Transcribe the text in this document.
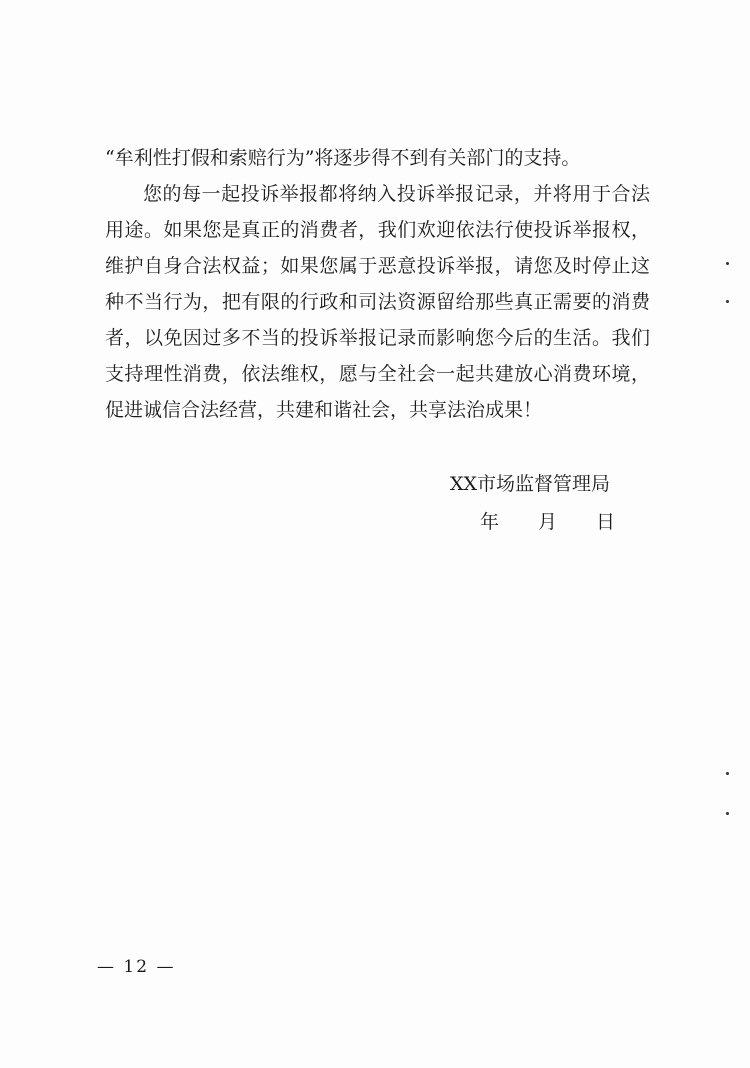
“牟利性打假和索赔行为”将逐步得不到有关部门的支持。
您的每一起投诉举报都将纳入投诉举报记录，并将用于合法
用途。如果您是真正的消费者，我们欢迎依法行使投诉举报权，
维护自身合法权益；如果您属于恶意投诉举报，请您及时停止这
种不当行为，把有限的行政和司法资源留给那些真正需要的消费
者，以免因过多不当的投诉举报记录而影响您今后的生活。我们
支持理性消费，依法维权，愿与全社会一起共建放心消费环境，
促进诚信合法经营，共建和谐社会，共享法治成果！
XX市场监督管理局
年 月 日
— 12 —
